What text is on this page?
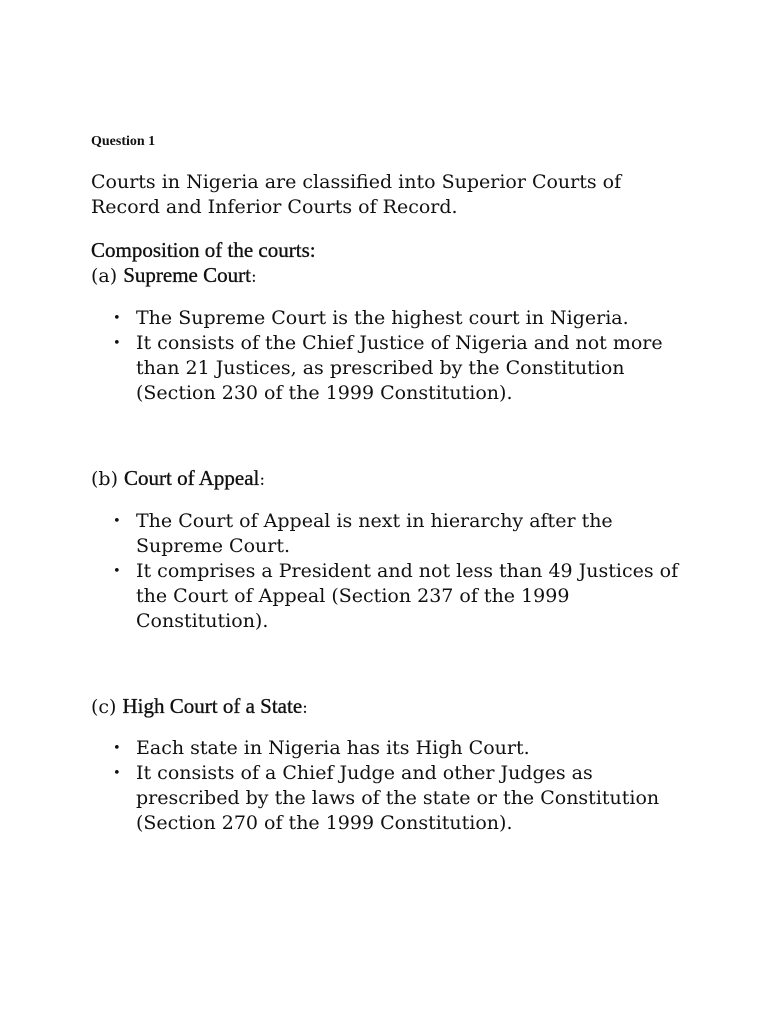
Question 1

Courts in Nigeria are classified into Superior Courts of Record and Inferior Courts of Record.

Composition of the courts:
(a) Supreme Court:
• The Supreme Court is the highest court in Nigeria.
• It consists of the Chief Justice of Nigeria and not more than 21 Justices, as prescribed by the Constitution (Section 230 of the 1999 Constitution).
(b) Court of Appeal:
• The Court of Appeal is next in hierarchy after the Supreme Court.
• It comprises a President and not less than 49 Justices of the Court of Appeal (Section 237 of the 1999 Constitution).
(c) High Court of a State:
• Each state in Nigeria has its High Court.
• It consists of a Chief Judge and other Judges as prescribed by the laws of the state or the Constitution (Section 270 of the 1999 Constitution).
